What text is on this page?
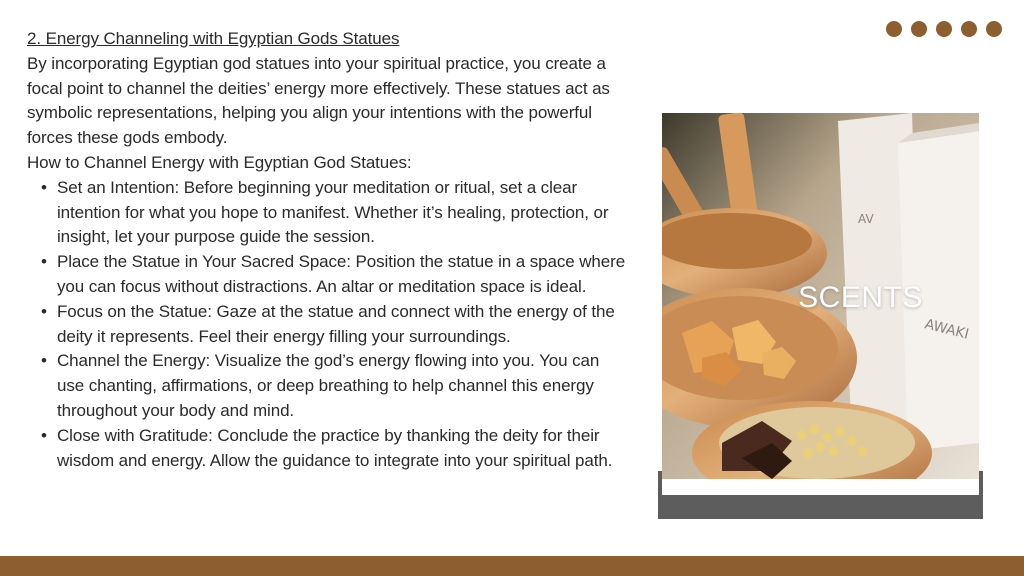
2. Energy Channeling with Egyptian Gods Statues

By incorporating Egyptian god statues into your spiritual practice, you create a focal point to channel the deities’ energy more effectively. These statues act as symbolic representations, helping you align your intentions with the powerful forces these gods embody.

How to Channel Energy with Egyptian God Statues:

• Set an Intention: Before beginning your meditation or ritual, set a clear intention for what you hope to manifest. Whether it’s healing, protection, or insight, let your purpose guide the session.
• Place the Statue in Your Sacred Space: Position the statue in a space where you can focus without distractions. An altar or meditation space is ideal.
• Focus on the Statue: Gaze at the statue and connect with the energy of the deity it represents. Feel their energy filling your surroundings.
• Channel the Energy: Visualize the god’s energy flowing into you. You can use chanting, affirmations, or deep breathing to help channel this energy throughout your body and mind.
• Close with Gratitude: Conclude the practice by thanking the deity for their wisdom and energy. Allow the guidance to integrate into your spiritual path.
AV
AWAKI
SCENTS
